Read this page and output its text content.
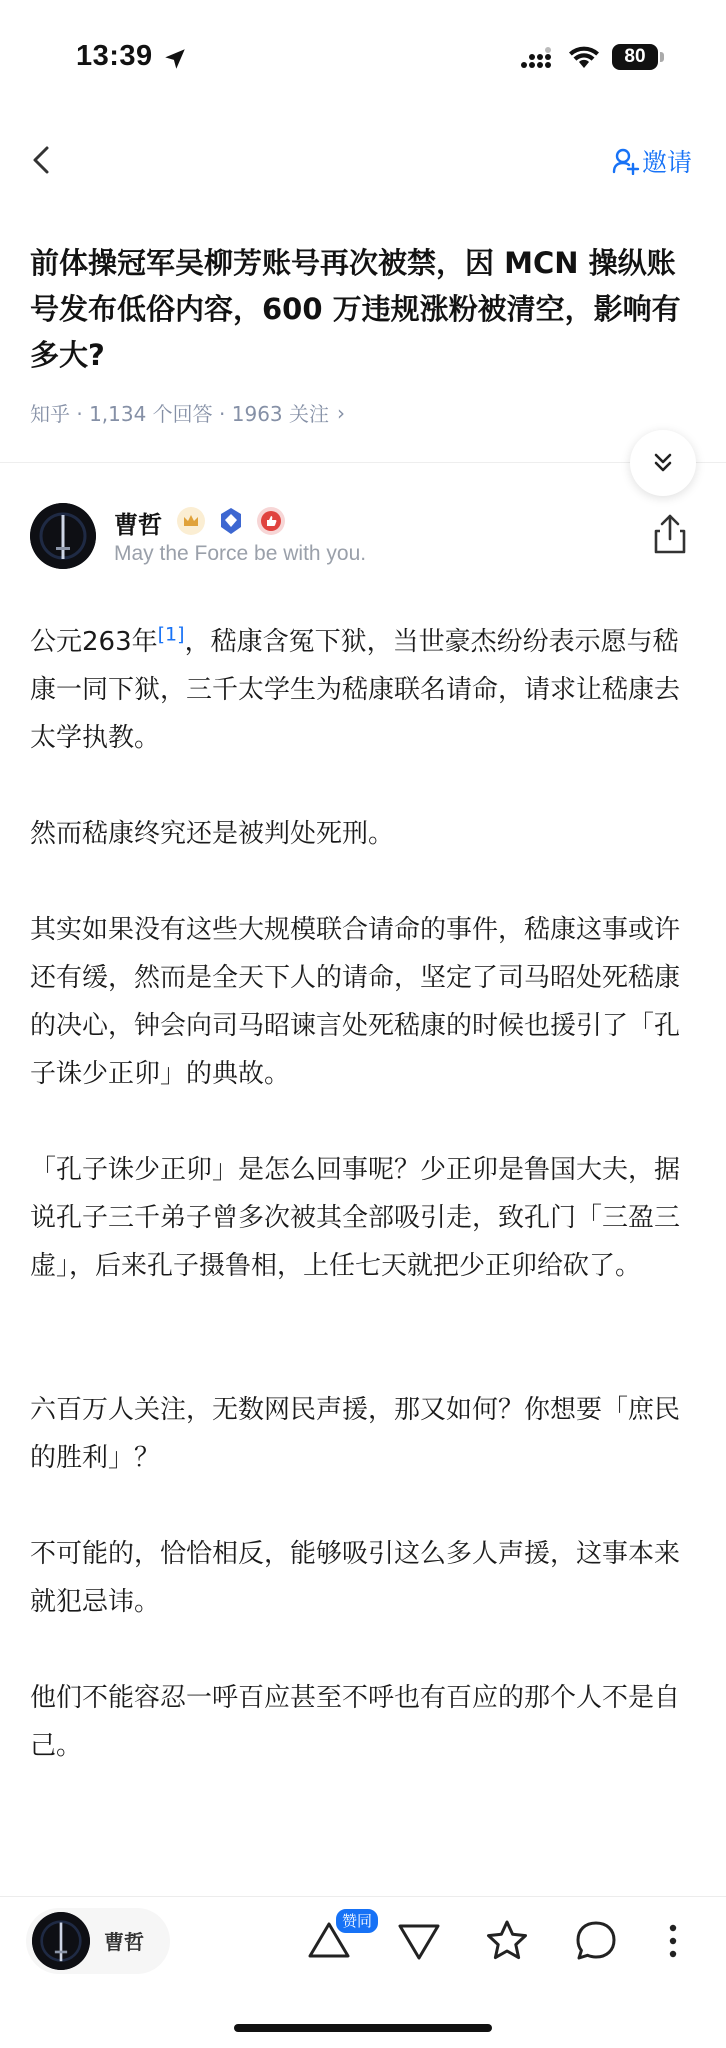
13:39	80
邀请
前体操冠军吴柳芳账号再次被禁，因 MCN 操纵账号发布低俗内容，600 万违规涨粉被清空，影响有多大?
知乎 · 1,134 个回答 · 1963 关注 ›
曹哲
May the Force be with you.

公元263年[1]，嵇康含冤下狱，当世豪杰纷纷表示愿与嵇康一同下狱，三千太学生为嵇康联名请命，请求让嵇康去太学执教。

然而嵇康终究还是被判处死刑。

其实如果没有这些大规模联合请命的事件，嵇康这事或许还有缓，然而是全天下人的请命，坚定了司马昭处死嵇康的决心，钟会向司马昭谏言处死嵇康的时候也援引了「孔子诛少正卯」的典故。

「孔子诛少正卯」是怎么回事呢？少正卯是鲁国大夫，据说孔子三千弟子曾多次被其全部吸引走，致孔门「三盈三虚」，后来孔子摄鲁相，上任七天就把少正卯给砍了。

六百万人关注，无数网民声援，那又如何？你想要「庶民的胜利」？

不可能的，恰恰相反，能够吸引这么多人声援，这事本来就犯忌讳。

他们不能容忍一呼百应甚至不呼也有百应的那个人不是自己。

曹哲
赞同
